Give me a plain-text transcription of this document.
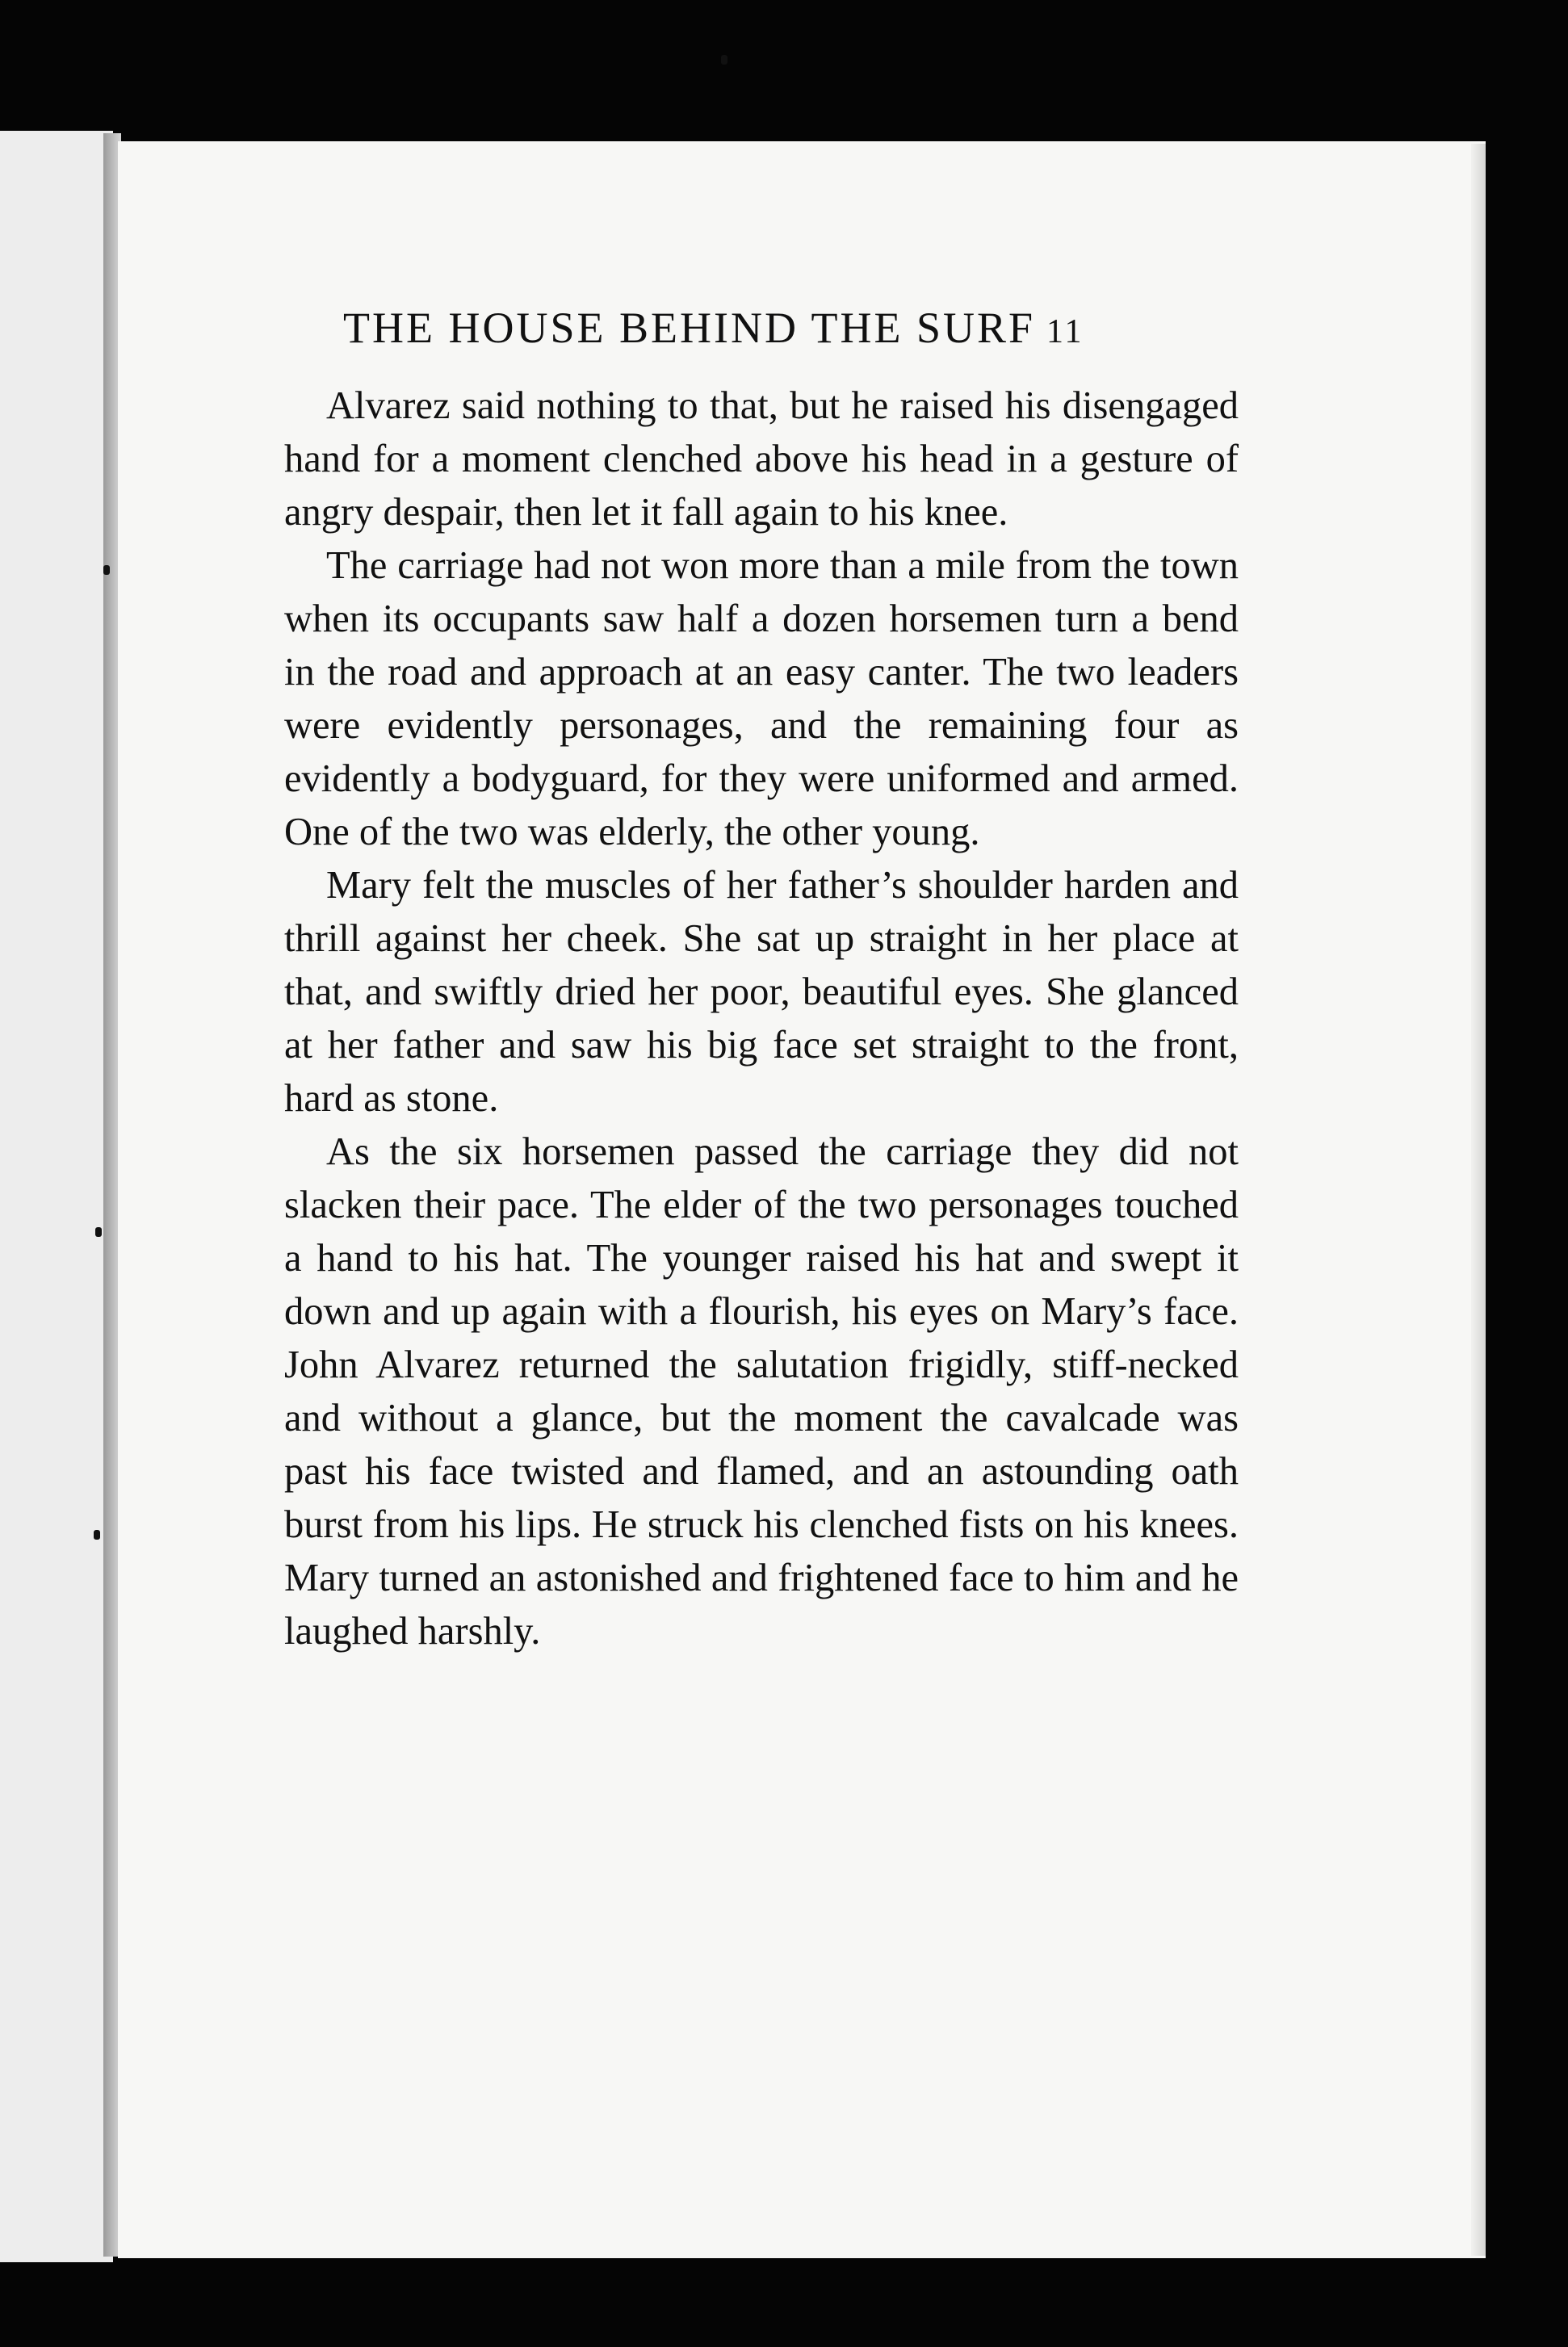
THE HOUSE BEHIND THE SURF 11

Alvarez said nothing to that, but he raised his disengaged hand for a moment clenched above his head in a gesture of angry despair, then let it fall again to his knee.

The carriage had not won more than a mile from the town when its occupants saw half a dozen horsemen turn a bend in the road and approach at an easy canter. The two leaders were evidently personages, and the remaining four as evidently a bodyguard, for they were uniformed and armed. One of the two was elderly, the other young.

Mary felt the muscles of her father’s shoulder harden and thrill against her cheek. She sat up straight in her place at that, and swiftly dried her poor, beautiful eyes. She glanced at her father and saw his big face set straight to the front, hard as stone.

As the six horsemen passed the carriage they did not slacken their pace. The elder of the two personages touched a hand to his hat. The younger raised his hat and swept it down and up again with a flourish, his eyes on Mary’s face. John Alvarez returned the salutation frigidly, stiff-necked and without a glance, but the moment the cavalcade was past his face twisted and flamed, and an astounding oath burst from his lips. He struck his clenched fists on his knees. Mary turned an astonished and frightened face to him and he laughed harshly.
